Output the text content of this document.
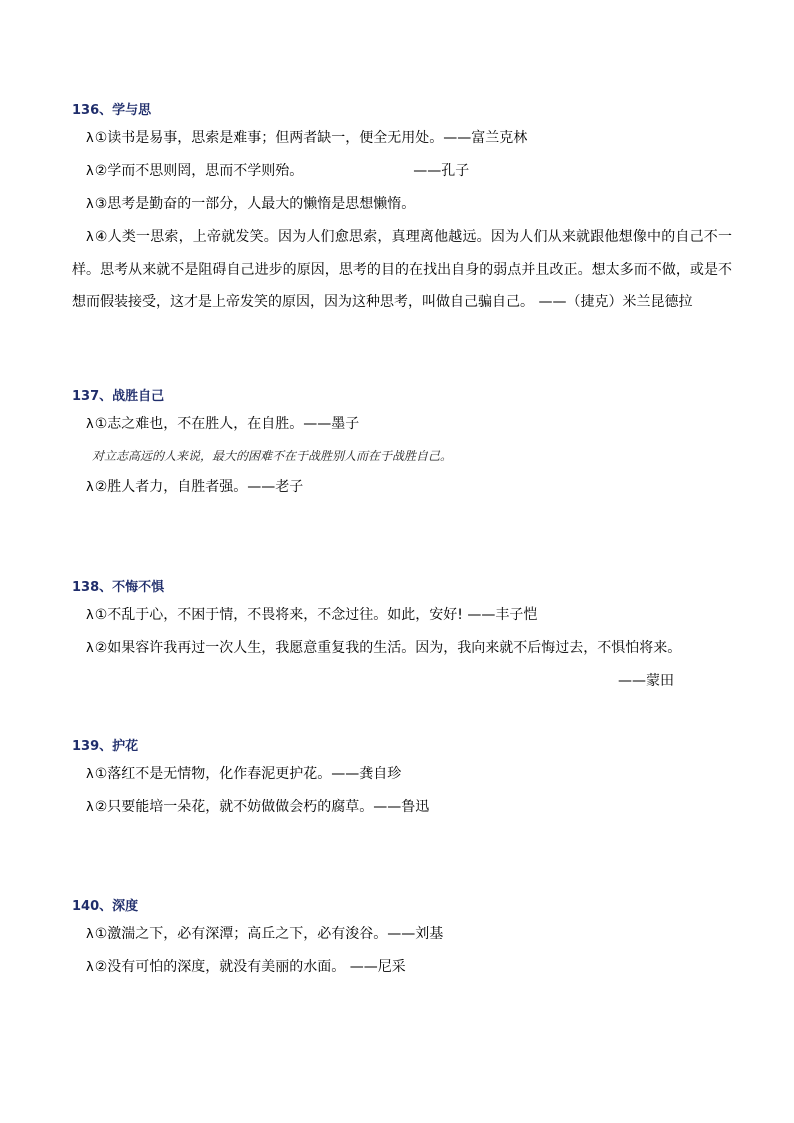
136、学与思
λ①读书是易事，思索是难事；但两者缺一，便全无用处。——富兰克林
λ②学而不思则罔，思而不学则殆。	——孔子
λ③思考是勤奋的一部分，人最大的懒惰是思想懒惰。
λ④人类一思索，上帝就发笑。因为人们愈思索，真理离他越远。因为人们从来就跟他想像中的自己不一样。思考从来就不是阻碍自己进步的原因，思考的目的在找出自身的弱点并且改正。想太多而不做，或是不想而假装接受，这才是上帝发笑的原因，因为这种思考，叫做自己骗自己。 ——（捷克）米兰昆德拉
137、战胜自己
λ①志之难也，不在胜人，在自胜。——墨子
对立志高远的人来说，最大的困难不在于战胜别人而在于战胜自己。
λ②胜人者力，自胜者强。——老子
138、不悔不惧
λ①不乱于心，不困于情，不畏将来，不念过往。如此，安好! ——丰子恺
λ②如果容许我再过一次人生，我愿意重复我的生活。因为，我向来就不后悔过去，不惧怕将来。
——蒙田
139、护花
λ①落红不是无情物，化作春泥更护花。——龚自珍
λ②只要能培一朵花，就不妨做做会朽的腐草。——鲁迅
140、深度
λ①激湍之下，必有深潭；高丘之下，必有浚谷。——刘基
λ②没有可怕的深度，就没有美丽的水面。 ——尼采
